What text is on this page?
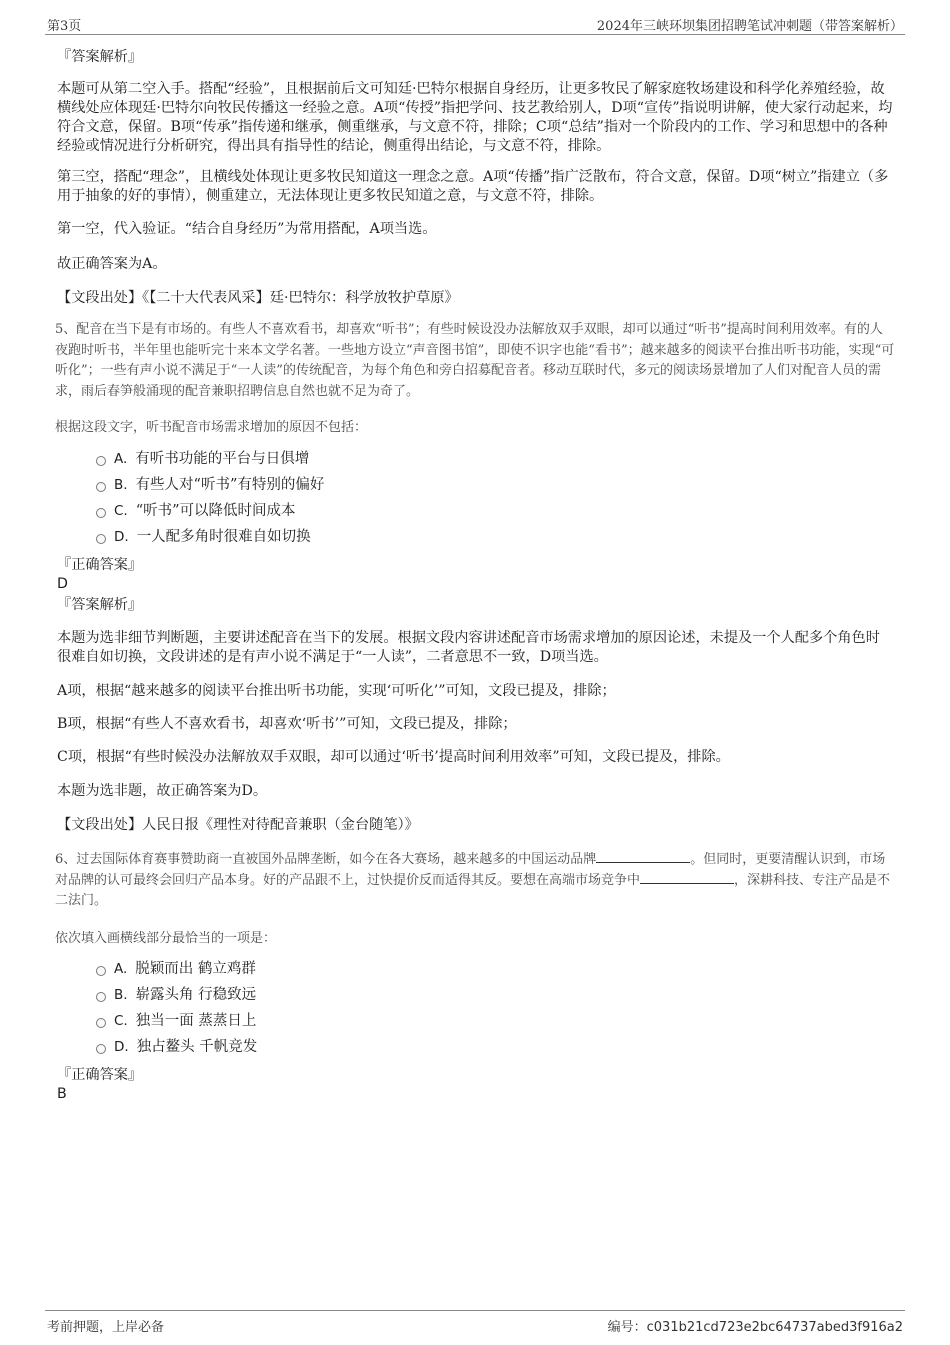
第3页	2024年三峡环坝集团招聘笔试冲刺题（带答案解析）

『答案解析』

本题可从第二空入手。搭配“经验”，且根据前后文可知廷·巴特尔根据自身经历，让更多牧民了解家庭牧场建设和科学化养殖经验，故横线处应体现廷·巴特尔向牧民传播这一经验之意。A项“传授”指把学问、技艺教给别人，D项“宣传”指说明讲解，使大家行动起来，均符合文意，保留。B项“传承”指传递和继承，侧重继承，与文意不符，排除；C项“总结”指对一个阶段内的工作、学习和思想中的各种经验或情况进行分析研究，得出具有指导性的结论，侧重得出结论，与文意不符，排除。

第三空，搭配“理念”，且横线处体现让更多牧民知道这一理念之意。A项“传播”指广泛散布，符合文意，保留。D项“树立”指建立（多用于抽象的好的事情），侧重建立，无法体现让更多牧民知道之意，与文意不符，排除。

第一空，代入验证。“结合自身经历”为常用搭配，A项当选。

故正确答案为A。

【文段出处】《【二十大代表风采】廷·巴特尔：科学放牧护草原》

5、配音在当下是有市场的。有些人不喜欢看书，却喜欢“听书”；有些时候设没办法解放双手双眼，却可以通过“听书”提高时间利用效率。有的人夜跑时听书，半年里也能听完十来本文学名著。一些地方设立“声音图书馆”，即使不识字也能“看书”；越来越多的阅读平台推出听书功能，实现“可听化”；一些有声小说不满足于“一人读”的传统配音，为每个角色和旁白招募配音者。移动互联时代，多元的阅读场景增加了人们对配音人员的需求，雨后春笋般涌现的配音兼职招聘信息自然也就不足为奇了。

根据这段文字，听书配音市场需求增加的原因不包括：

A. 有听书功能的平台与日俱增
B. 有些人对“听书”有特别的偏好
C. “听书”可以降低时间成本
D. 一人配多角时很难自如切换

『正确答案』

D

『答案解析』

本题为选非细节判断题，主要讲述配音在当下的发展。根据文段内容讲述配音市场需求增加的原因论述，未提及一个人配多个角色时很难自如切换，文段讲述的是有声小说不满足于“一人读”，二者意思不一致，D项当选。

A项，根据“越来越多的阅读平台推出听书功能，实现‘可听化’”可知，文段已提及，排除；

B项，根据“有些人不喜欢看书，却喜欢‘听书’”可知，文段已提及，排除；

C项，根据“有些时候没办法解放双手双眼，却可以通过‘听书’提高时间利用效率”可知，文段已提及，排除。

本题为选非题，故正确答案为D。

【文段出处】人民日报《理性对待配音兼职（金台随笔）》

6、过去国际体育赛事赞助商一直被国外品牌垄断，如今在各大赛场，越来越多的中国运动品牌	。但同时，更要清醒认识到，市场对品牌的认可最终会回归产品本身。好的产品跟不上，过快提价反而适得其反。要想在高端市场竞争中	，深耕科技、专注产品是不二法门。

依次填入画横线部分最恰当的一项是：

A. 脱颖而出 鹤立鸡群
B. 崭露头角 行稳致远
C. 独当一面 蒸蒸日上
D. 独占鳌头 千帆竞发

『正确答案』

B

考前押题，上岸必备	编号：c031b21cd723e2bc64737abed3f916a2
